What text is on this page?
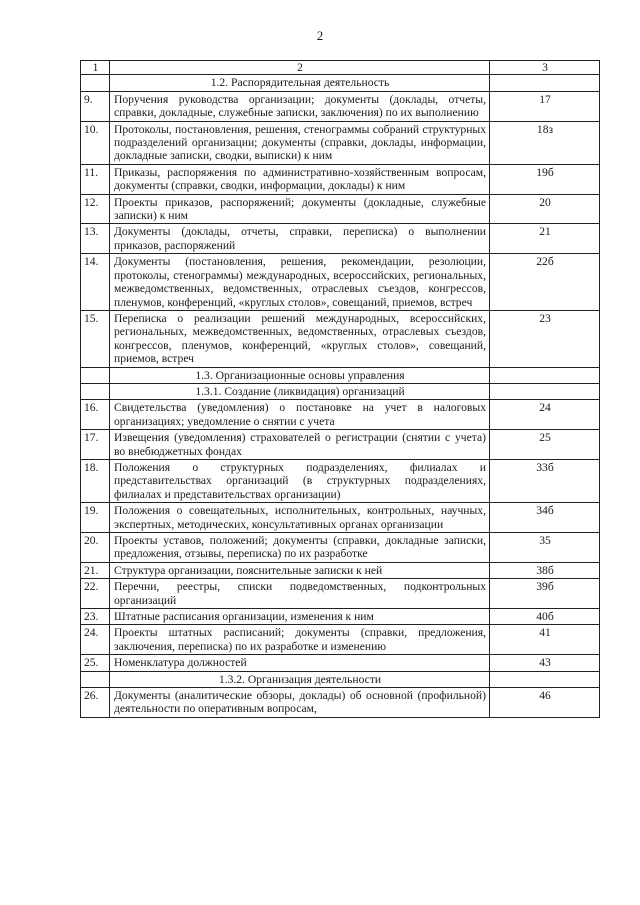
2
1	2	3
	1.2. Распорядительная деятельность	
9.	Поручения руководства организации; документы (доклады, отчеты, справки, докладные, служебные записки, заключения) по их выполнению	17
10.	Протоколы, постановления, решения, стенограммы собраний структурных подразделений организации; документы (справки, доклады, информации, докладные записки, сводки, выписки) к ним	18з
11.	Приказы, распоряжения по административно-хозяйственным вопросам, документы (справки, сводки, информации, доклады) к ним	19б
12.	Проекты приказов, распоряжений; документы (докладные, служебные записки) к ним	20
13.	Документы (доклады, отчеты, справки, переписка) о выполнении приказов, распоряжений	21
14.	Документы (постановления, решения, рекомендации, резолюции, протоколы, стенограммы) международных, всероссийских, региональных, межведомственных, ведомственных, отраслевых съездов, конгрессов, пленумов, конференций, «круглых столов», совещаний, приемов, встреч	22б
15.	Переписка о реализации решений международных, всероссийских, региональных, межведомственных, ведомственных, отраслевых съездов, конгрессов, пленумов, конференций, «круглых столов», совещаний, приемов, встреч	23
	1.3. Организационные основы управления	
	1.3.1. Создание (ликвидация) организаций	
16.	Свидетельства (уведомления) о постановке на учет в налоговых организациях; уведомление о снятии с учета	24
17.	Извещения (уведомления) страхователей о регистрации (снятии с учета) во внебюджетных фондах	25
18.	Положения о структурных подразделениях, филиалах и представительствах организаций (в структурных подразделениях, филиалах и представительствах организации)	33б
19.	Положения о совещательных, исполнительных, контрольных, научных, экспертных, методических, консультативных органах организации	34б
20.	Проекты уставов, положений; документы (справки, докладные записки, предложения, отзывы, переписка) по их разработке	35
21.	Структура организации, пояснительные записки к ней	38б
22.	Перечни, реестры, списки подведомственных, подконтрольных организаций	39б
23.	Штатные расписания организации, изменения к ним	40б
24.	Проекты штатных расписаний; документы (справки, предложения, заключения, переписка) по их разработке и изменению	41
25.	Номенклатура должностей	43
	1.3.2. Организация деятельности	
26.	Документы (аналитические обзоры, доклады) об основной (профильной) деятельности по оперативным вопросам,	46
